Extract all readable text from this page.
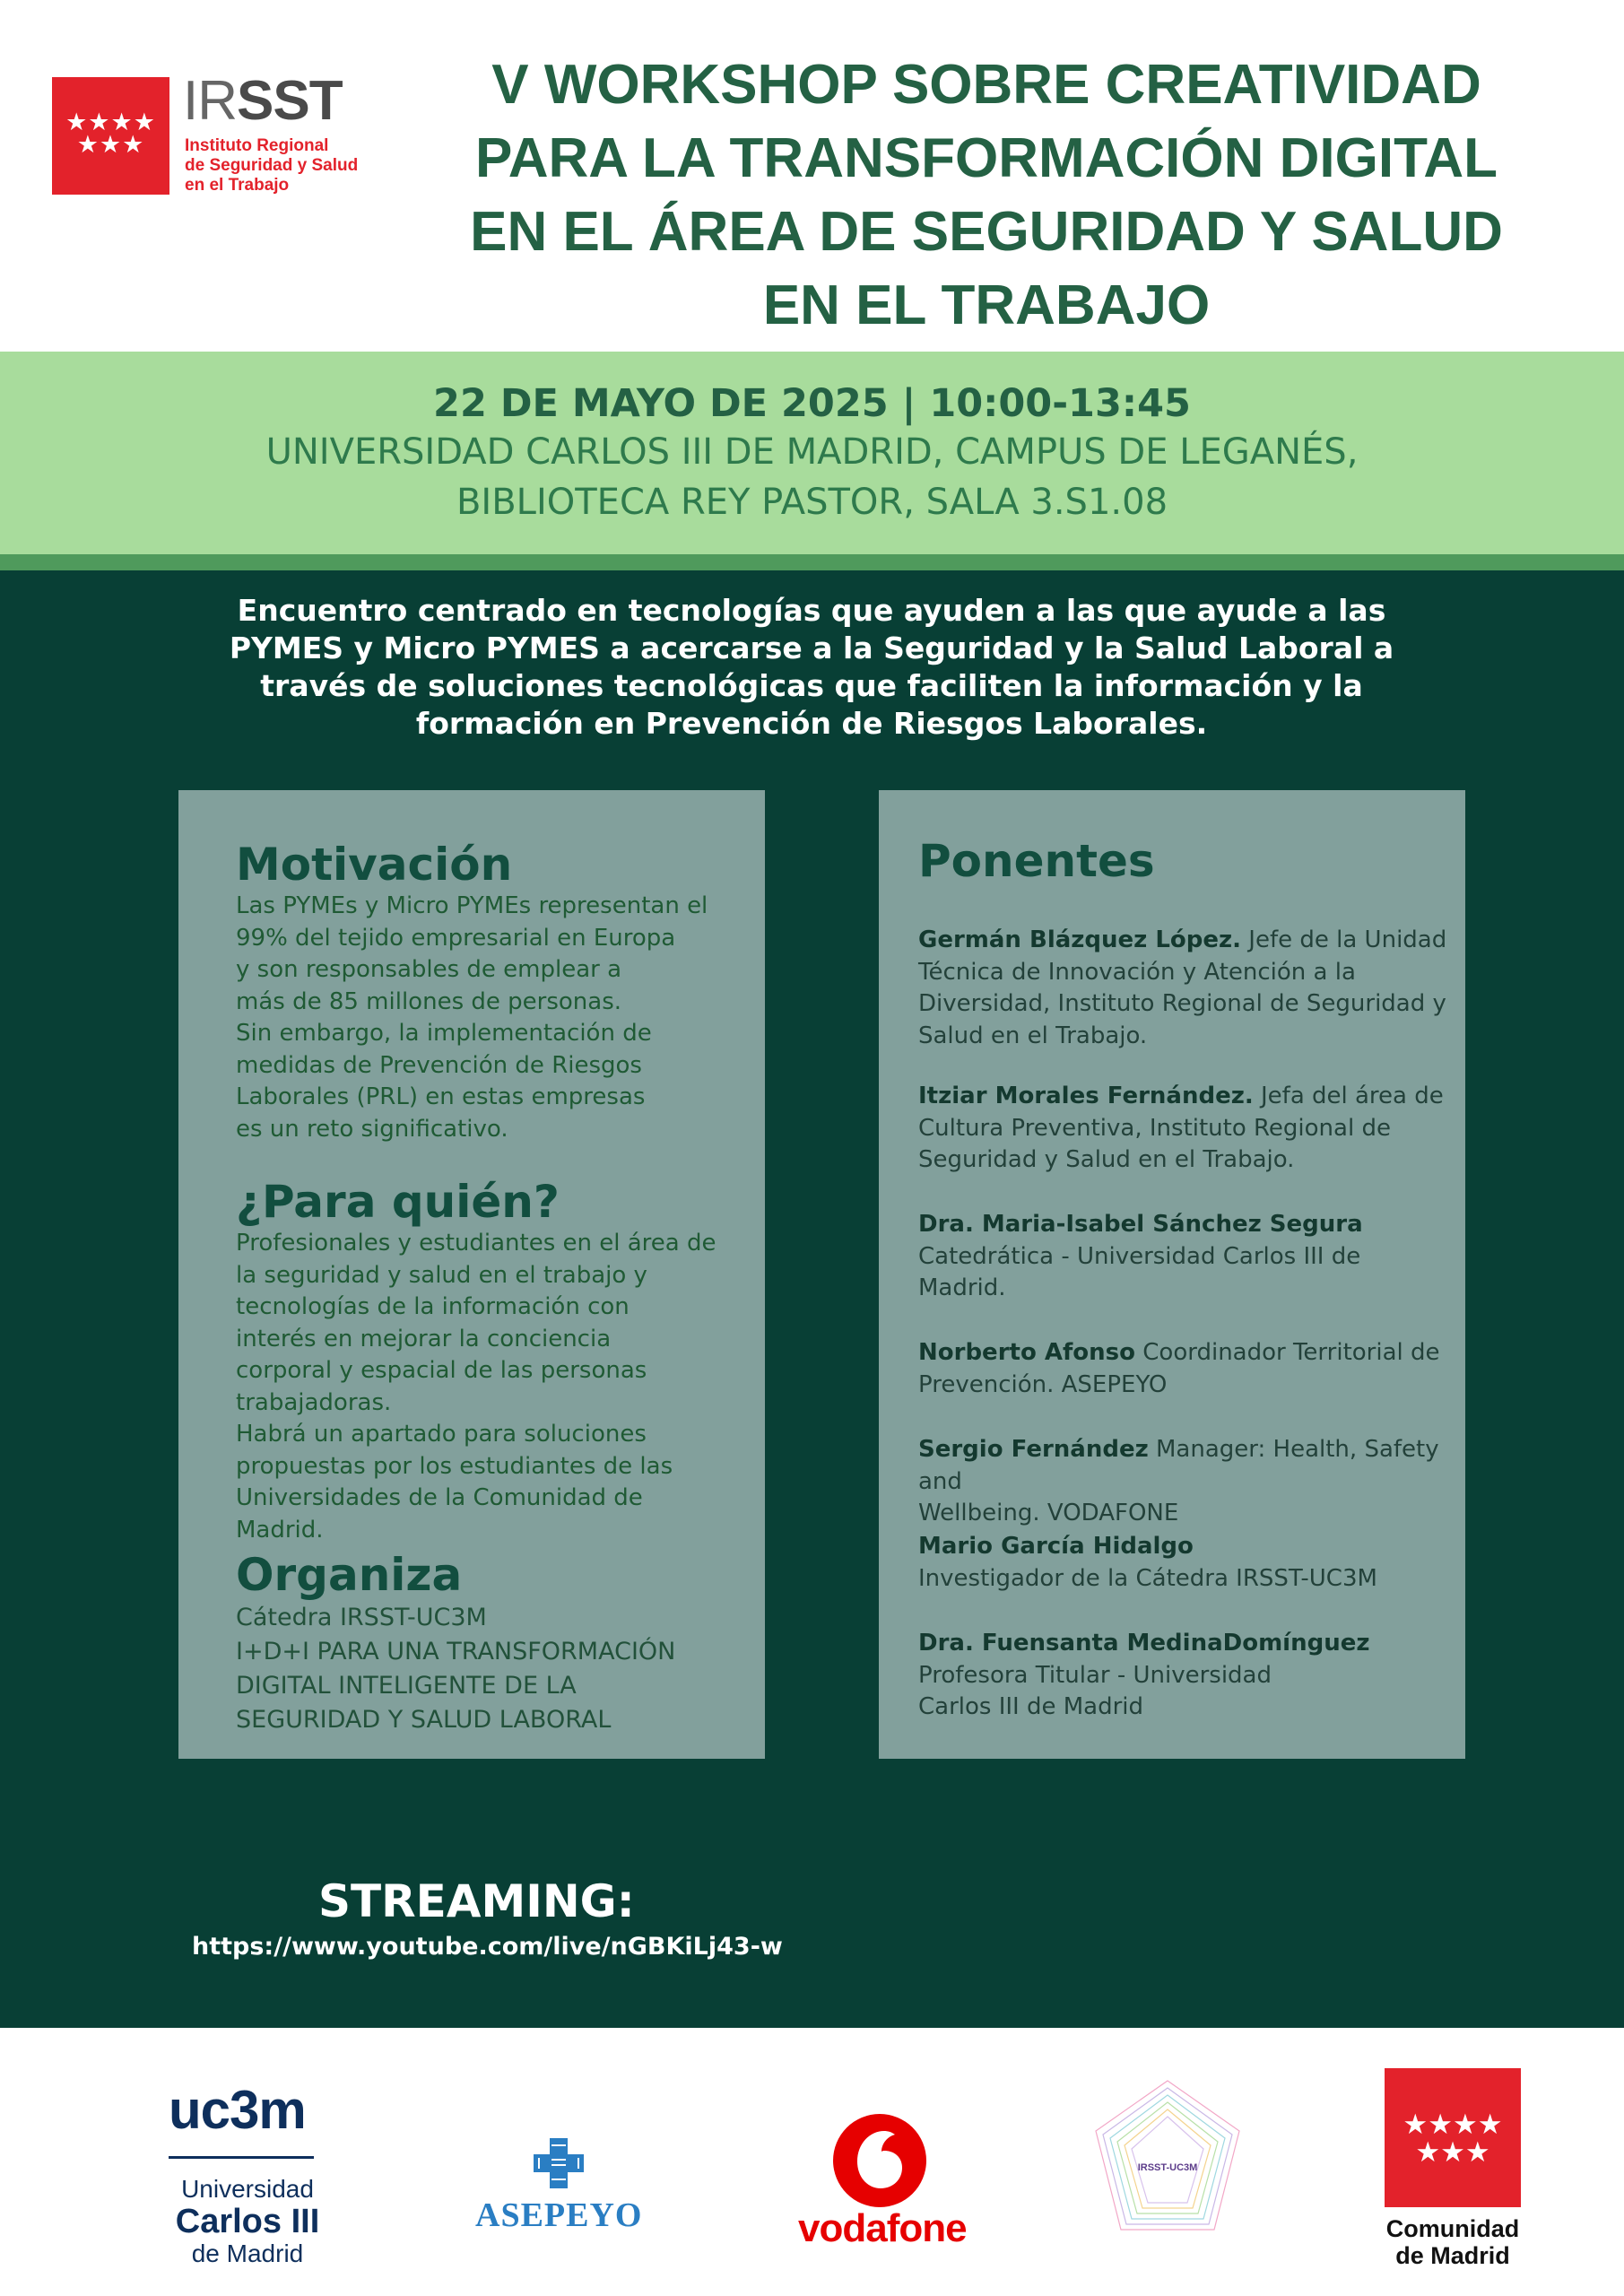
★★★★
★★★
IRSST
Instituto Regional
de Seguridad y Salud
en el Trabajo
V WORKSHOP SOBRE CREATIVIDAD
PARA LA TRANSFORMACIÓN DIGITAL
EN EL ÁREA DE SEGURIDAD Y SALUD
EN EL TRABAJO
22 DE MAYO DE 2025 | 10:00-13:45
UNIVERSIDAD CARLOS III DE MADRID, CAMPUS DE LEGANÉS,
BIBLIOTECA REY PASTOR, SALA 3.S1.08
Encuentro centrado en tecnologías que ayuden a las que ayude a las
PYMES y Micro PYMES a acercarse a la Seguridad y la Salud Laboral a
través de soluciones tecnológicas que faciliten la información y la
formación en Prevención de Riesgos Laborales.
Motivación
Las PYMEs y Micro PYMEs representan el
99% del tejido empresarial en Europa
y son responsables de emplear a
más de 85 millones de personas.
Sin embargo, la implementación de
medidas de Prevención de Riesgos
Laborales (PRL) en estas empresas
es un reto significativo.
¿Para quién?
Profesionales y estudiantes en el área de
la seguridad y salud en el trabajo y
tecnologías de la información con
interés en mejorar la conciencia
corporal y espacial de las personas
trabajadoras.
Habrá un apartado para soluciones
propuestas por los estudiantes de las
Universidades de la Comunidad de
Madrid.
Organiza
Cátedra IRSST-UC3M
I+D+I PARA UNA TRANSFORMACIÓN
DIGITAL INTELIGENTE DE LA
SEGURIDAD Y SALUD LABORAL
Ponentes
Germán Blázquez López. Jefe de la Unidad
Técnica de Innovación y Atención a la
Diversidad, Instituto Regional de Seguridad y
Salud en el Trabajo.
Itziar Morales Fernández. Jefa del área de
Cultura Preventiva, Instituto Regional de
Seguridad y Salud en el Trabajo.
Dra. Maria-Isabel Sánchez Segura
Catedrática - Universidad Carlos III de
Madrid.
Norberto Afonso Coordinador Territorial de
Prevención. ASEPEYO
Sergio Fernández Manager: Health, Safety and
Wellbeing. VODAFONE
Mario García Hidalgo
Investigador de la Cátedra IRSST-UC3M
Dra. Fuensanta MedinaDomínguez
Profesora Titular - Universidad
Carlos III de Madrid
STREAMING:
https://www.youtube.com/live/nGBKiLj43-w
uc3m
Universidad
Carlos III
de Madrid
ASEPEYO	vodafone
IRSST-UC3M
★★★★
★★★
Comunidad
de Madrid
